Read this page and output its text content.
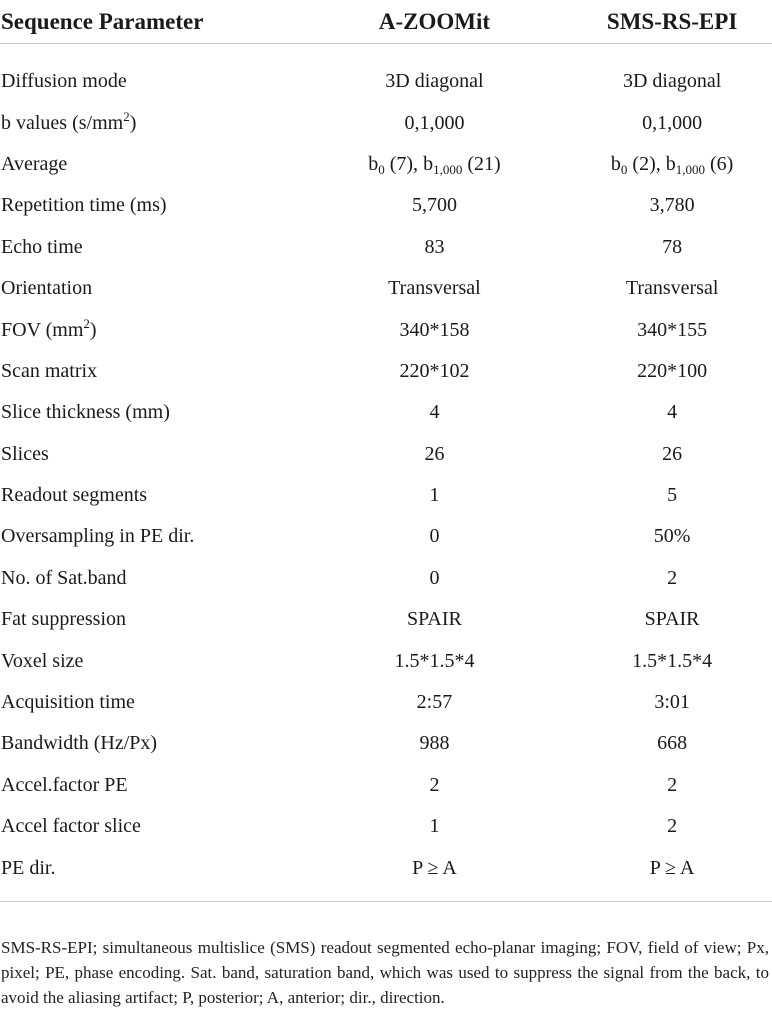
Sequence Parameter	A-ZOOMit	SMS-RS-EPI
Diffusion mode	3D diagonal	3D diagonal
b values $(s/mm^2)$	0,1,000	0,1,000
Average	$b_0$ (7), $b_{1,000}$ (21)	$b_0$ (2), $b_{1,000}$ (6)
Repetition time (ms)	5,700	3,780
Echo time	83	78
Orientation	Transversal	Transversal
FOV $(mm^2)$	340*158	340*155
Scan matrix	220*102	220*100
Slice thickness (mm)	4	4
Slices	26	26
Readout segments	1	5
Oversampling in PE dir.	0	50%
No. of Sat.band	0	2
Fat suppression	SPAIR	SPAIR
Voxel size	1.5*1.5*4	1.5*1.5*4
Acquisition time	2:57	3:01
Bandwidth (Hz/Px)	988	668
Accel.factor PE	2	2
Accel factor slice	1	2
PE dir.	P ≥ A	P ≥ A

SMS-RS-EPI; simultaneous multislice (SMS) readout segmented echo-planar imaging; FOV, field of view; Px, pixel; PE, phase encoding. Sat. band, saturation band, which was used to suppress the signal from the back, to avoid the aliasing artifact; P, posterior; A, anterior; dir., direction.
